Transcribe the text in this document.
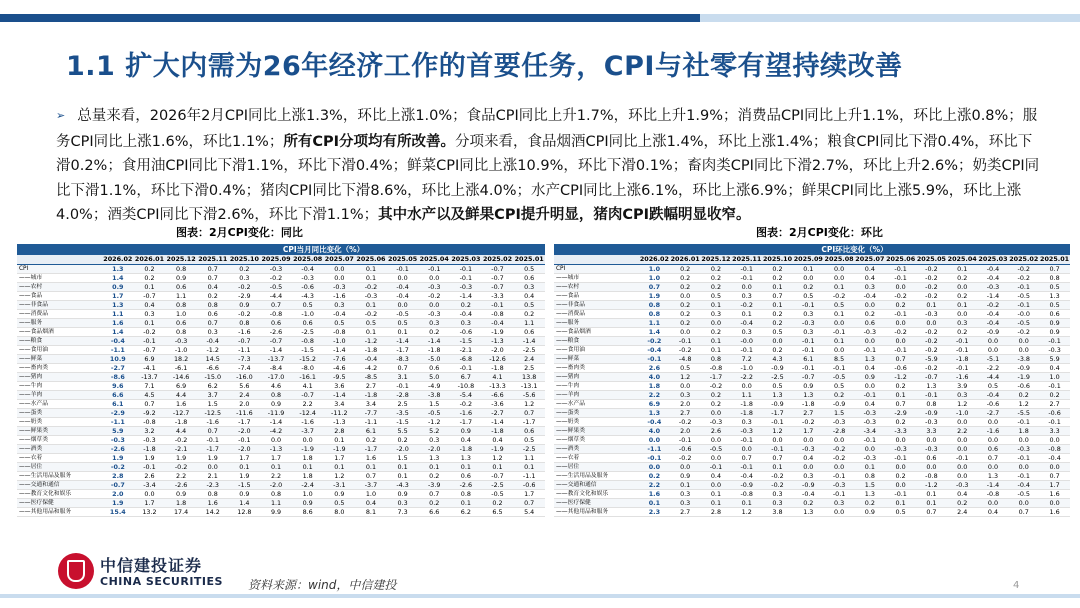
1.1 扩大内需为26年经济工作的首要任务，CPI与社零有望持续改善
➢ 总量来看，2026年2月CPI同比上涨1.3%，环比上涨1.0%；食品CPI同比上升1.7%，环比上升1.9%；消费品CPI同比上升1.1%，环比上涨0.8%；服务CPI同比上涨1.6%，环比1.1%；所有CPI分项均有所改善。分项来看，食品烟酒CPI同比上涨1.4%，环比上涨1.4%；粮食CPI同比下滑0.4%，环比下滑0.2%；食用油CPI同比下滑1.1%，环比下滑0.4%；鲜菜CPI同比上涨10.9%，环比下滑0.1%；畜肉类CPI同比下滑2.7%，环比上升2.6%；奶类CPI同比下滑1.1%，环比下滑0.4%；猪肉CPI同比下滑8.6%，环比上涨4.0%；水产CPI同比上涨6.1%，环比上涨6.9%；鲜果CPI同比上涨5.9%，环比上涨4.0%；酒类CPI同比下滑2.6%，环比下滑1.1%；其中水产以及鲜果CPI提升明显，猪肉CPI跌幅明显收窄。
图表：2月CPI变化：同比	图表：2月CPI变化：环比
	CPI当月同比变化（%）													
	2026.02	2026.01	2025.12	2025.11	2025.10	2025.09	2025.08	2025.07	2025.06	2025.05	2025.04	2025.03	2025.02	2025.01
CPI	1.3	0.2	0.8	0.7	0.2	-0.3	-0.4	0.0	0.1	-0.1	-0.1	-0.1	-0.7	0.5
——城市	1.4	0.2	0.9	0.7	0.3	-0.2	-0.3	0.0	0.1	0.0	0.0	-0.1	-0.7	0.6
——农村	0.9	0.1	0.6	0.4	-0.2	-0.5	-0.6	-0.3	-0.2	-0.4	-0.3	-0.3	-0.7	0.3
——食品	1.7	-0.7	1.1	0.2	-2.9	-4.4	-4.3	-1.6	-0.3	-0.4	-0.2	-1.4	-3.3	0.4
——非食品	1.3	0.4	0.8	0.8	0.9	0.7	0.5	0.3	0.1	0.0	0.0	0.2	-0.1	0.5
——消费品	1.1	0.3	1.0	0.6	-0.2	-0.8	-1.0	-0.4	-0.2	-0.5	-0.3	-0.4	-0.8	0.2
——服务	1.6	0.1	0.6	0.7	0.8	0.6	0.6	0.5	0.5	0.5	0.3	0.3	-0.4	1.1
——食品烟酒	1.4	-0.2	0.8	0.3	-1.6	-2.6	-2.5	-0.8	0.1	0.1	0.2	-0.6	-1.9	0.6
——粮食	-0.4	-0.1	-0.3	-0.4	-0.7	-0.7	-0.8	-1.0	-1.2	-1.4	-1.4	-1.5	-1.3	-1.4
——食用油	-1.1	-0.7	-1.0	-1.2	-1.1	-1.4	-1.5	-1.4	-1.8	-1.7	-1.8	-2.1	-2.0	-2.5
——鲜菜	10.9	6.9	18.2	14.5	-7.3	-13.7	-15.2	-7.6	-0.4	-8.3	-5.0	-6.8	-12.6	2.4
——畜肉类	-2.7	-4.1	-6.1	-6.6	-7.4	-8.4	-8.0	-4.6	-4.2	0.7	0.6	-0.1	-1.8	2.5
——猪肉	-8.6	-13.7	-14.6	-15.0	-16.0	-17.0	-16.1	-9.5	-8.5	3.1	5.0	6.7	4.1	13.8
——牛肉	9.6	7.1	6.9	6.2	5.6	4.6	4.1	3.6	2.7	-0.1	-4.9	-10.8	-13.3	-13.1
——羊肉	6.6	4.5	4.4	3.7	2.4	0.8	-0.7	-1.4	-1.8	-2.8	-3.8	-5.4	-6.6	-5.6
——水产品	6.1	0.7	1.6	1.5	2.0	0.9	2.2	3.4	3.4	2.5	1.5	-0.2	-3.6	1.2
——蛋类	-2.9	-9.2	-12.7	-12.5	-11.6	-11.9	-12.4	-11.2	-7.7	-3.5	-0.5	-1.6	-2.7	0.7
——奶类	-1.1	-0.8	-1.8	-1.6	-1.7	-1.4	-1.6	-1.3	-1.1	-1.5	-1.2	-1.7	-1.4	-1.7
——鲜果类	5.9	3.2	4.4	0.7	-2.0	-4.2	-3.7	2.8	6.1	5.5	5.2	0.9	-1.8	0.6
——烟草类	-0.3	-0.3	-0.2	-0.1	-0.1	0.0	0.0	0.1	0.2	0.2	0.3	0.4	0.4	0.5
——酒类	-2.6	-1.8	-2.1	-1.7	-2.0	-1.3	-1.9	-1.9	-1.7	-2.0	-2.0	-1.8	-1.9	-2.5
——衣着	1.9	1.9	1.9	1.9	1.7	1.7	1.8	1.7	1.6	1.5	1.3	1.3	1.2	1.1
——居住	-0.2	-0.1	-0.2	0.0	0.1	0.1	0.1	0.1	0.1	0.1	0.1	0.1	0.1	0.1
——生活用品及服务	2.8	2.6	2.2	2.1	1.9	2.2	1.8	1.2	0.7	0.1	0.2	0.6	-0.7	-1.1
——交通和通信	-0.7	-3.4	-2.6	-2.3	-1.5	-2.0	-2.4	-3.1	-3.7	-4.3	-3.9	-2.6	-2.5	-0.6
——教育文化和娱乐	2.0	0.0	0.9	0.8	0.9	0.8	1.0	0.9	1.0	0.9	0.7	0.8	-0.5	1.7
——医疗保健	1.9	1.7	1.8	1.6	1.4	1.1	0.9	0.5	0.4	0.3	0.2	0.1	0.2	0.7
——其他用品和服务	15.4	13.2	17.4	14.2	12.8	9.9	8.6	8.0	8.1	7.3	6.6	6.2	6.5	5.4
	CPI环比变化（%）													
	2026.02	2026.01	2025.12	2025.11	2025.10	2025.09	2025.08	2025.07	2025.06	2025.05	2025.04	2025.03	2025.02	2025.01
CPI	1.0	0.2	0.2	-0.1	0.2	0.1	0.0	0.4	-0.1	-0.2	0.1	-0.4	-0.2	0.7
——城市	1.0	0.2	0.2	-0.1	0.2	0.0	0.0	0.4	-0.1	-0.2	0.2	-0.4	-0.2	0.8
——农村	0.7	0.2	0.2	0.0	0.1	0.2	0.1	0.3	0.0	-0.2	0.0	-0.3	-0.1	0.5
——食品	1.9	0.0	0.5	0.3	0.7	0.5	-0.2	-0.4	-0.2	-0.2	0.2	-1.4	-0.5	1.3
——非食品	0.8	0.2	0.1	-0.2	0.1	-0.1	0.5	0.0	0.2	0.1	0.1	-0.2	-0.1	0.5
——消费品	0.8	0.2	0.3	0.1	0.2	0.3	0.1	0.2	-0.1	-0.3	0.0	-0.4	-0.0	0.6
——服务	1.1	0.2	0.0	-0.4	0.2	-0.3	0.0	0.6	0.0	0.0	0.3	-0.4	-0.5	0.9
——食品烟酒	1.4	0.0	0.2	0.3	0.5	0.3	-0.1	-0.3	-0.2	-0.2	0.2	-0.9	-0.2	0.9
——粮食	-0.2	-0.1	0.1	-0.0	0.0	-0.1	0.1	0.0	0.0	-0.2	-0.1	0.0	0.0	-0.1
——食用油	-0.4	-0.2	0.1	-0.1	0.2	-0.1	0.0	-0.1	-0.1	-0.2	-0.1	0.0	0.0	-0.3
——鲜菜	-0.1	-4.8	0.8	7.2	4.3	6.1	8.5	1.3	0.7	-5.9	-1.8	-5.1	-3.8	5.9
——畜肉类	2.6	0.5	-0.8	-1.0	-0.9	-0.1	-0.1	0.4	-0.6	-0.2	-0.1	-2.2	-0.9	0.4
——猪肉	4.0	1.2	-1.7	-2.2	-2.5	-0.7	-0.5	0.9	-1.2	-0.7	-1.6	-4.4	-1.9	1.0
——牛肉	1.8	0.0	-0.2	0.0	0.5	0.9	0.5	0.0	0.2	1.3	3.9	0.5	-0.6	-0.1
——羊肉	2.2	0.3	0.2	1.1	1.3	1.3	0.2	-0.1	0.1	-0.1	0.3	-0.4	0.2	0.2
——水产品	6.9	2.0	0.2	-1.8	-0.9	-1.8	-0.9	0.4	0.7	0.8	1.2	-0.6	1.2	2.7
——蛋类	1.3	2.7	0.0	-1.8	-1.7	2.7	1.5	-0.3	-2.9	-0.9	-1.0	-2.7	-5.5	-0.6
——奶类	-0.4	-0.2	-0.3	0.3	-0.1	-0.2	-0.3	-0.3	0.2	-0.3	0.0	0.0	-0.1	-0.1
——鲜果类	4.0	2.0	2.6	-0.3	1.2	1.7	-2.8	-3.4	-3.3	3.3	2.2	-1.6	1.8	3.3
——烟草类	0.0	-0.1	0.0	-0.1	0.0	0.0	0.0	-0.1	0.0	0.0	0.0	0.0	0.0	0.0
——酒类	-1.1	-0.6	-0.5	0.0	-0.1	-0.3	-0.2	0.0	-0.3	-0.3	0.0	0.6	-0.3	-0.8
——衣着	-0.1	-0.2	0.0	0.7	0.7	0.4	-0.2	-0.3	-0.1	0.6	-0.1	0.7	-0.1	-0.4
——居住	0.0	0.0	-0.1	-0.1	0.1	0.0	0.0	0.1	0.0	0.0	0.0	0.0	0.0	0.0
——生活用品及服务	0.2	0.9	0.4	-0.4	-0.2	0.3	-0.1	0.8	0.2	-0.8	0.0	1.3	-0.1	0.7
——交通和通信	2.2	0.1	0.0	-0.9	-0.2	-0.9	-0.3	1.5	0.0	-1.2	-0.3	-1.4	-0.4	1.7
——教育文化和娱乐	1.6	0.3	0.1	-0.8	0.3	-0.4	-0.1	1.3	-0.1	0.1	0.4	-0.8	-0.5	1.6
——医疗保健	0.1	0.3	0.1	0.1	0.3	0.2	0.3	0.2	0.1	0.1	0.2	0.0	0.0	0.0
——其他用品和服务	2.3	2.7	2.8	1.2	3.8	1.3	0.0	0.9	0.5	0.7	2.4	0.4	0.7	1.6
中信建投证券
CHINA SECURITIES 资料来源：wind，中信建投	4
